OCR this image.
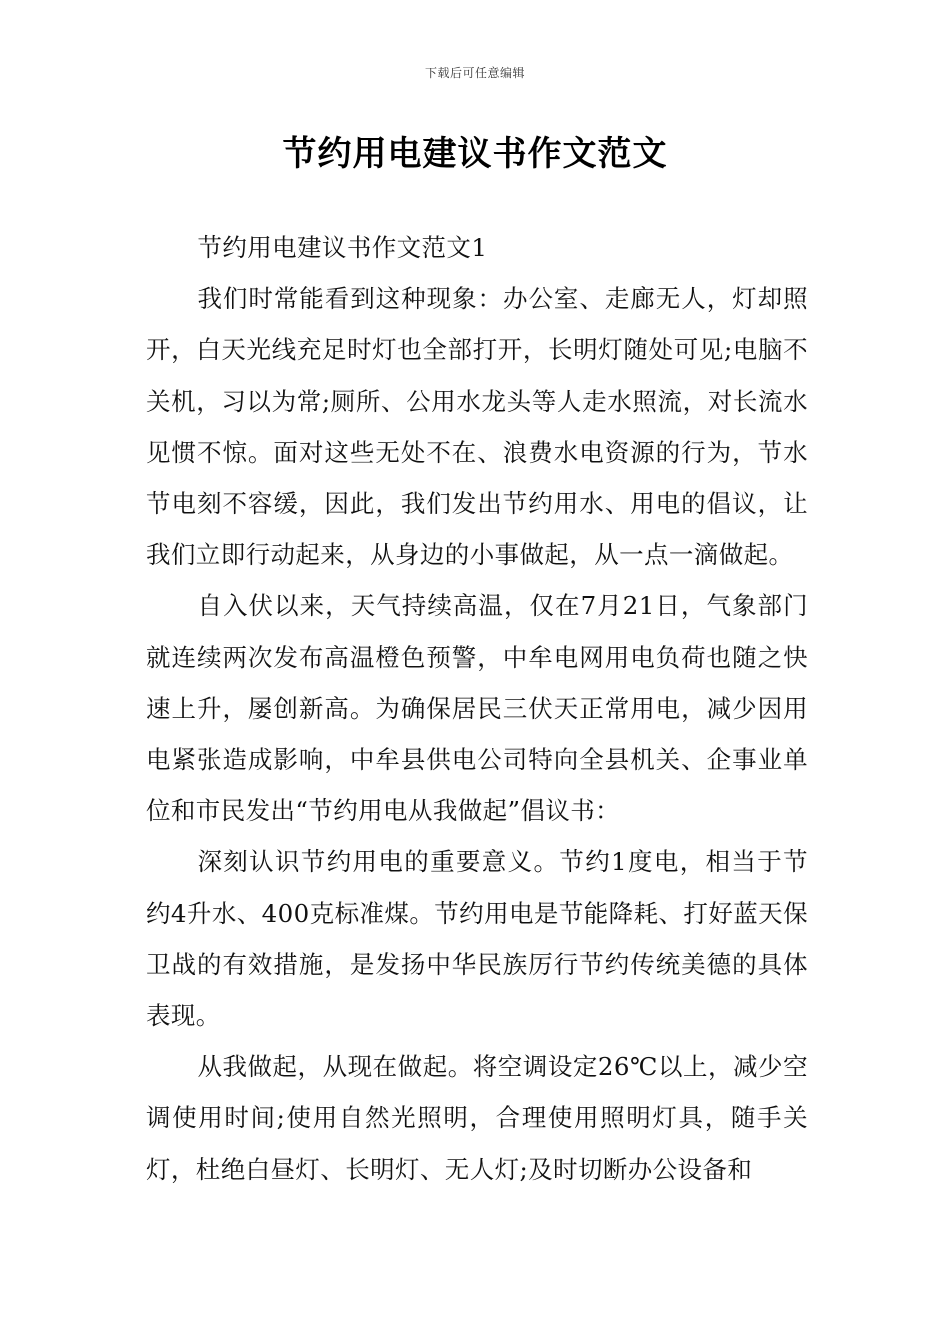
下载后可任意编辑
节约用电建议书作文范文

节约用电建议书作文范文1

我们时常能看到这种现象：办公室、走廊无人，灯却照开，白天光线充足时灯也全部打开，长明灯随处可见;电脑不关机，习以为常;厕所、公用水龙头等人走水照流，对长流水见惯不惊。面对这些无处不在、浪费水电资源的行为，节水节电刻不容缓，因此，我们发出节约用水、用电的倡议，让我们立即行动起来，从身边的小事做起，从一点一滴做起。

自入伏以来，天气持续高温，仅在7月21日，气象部门就连续两次发布高温橙色预警，中牟电网用电负荷也随之快速上升，屡创新高。为确保居民三伏天正常用电，减少因用电紧张造成影响，中牟县供电公司特向全县机关、企事业单位和市民发出“节约用电从我做起”倡议书：

深刻认识节约用电的重要意义。节约1度电，相当于节约4升水、400克标准煤。节约用电是节能降耗、打好蓝天保卫战的有效措施，是发扬中华民族厉行节约传统美德的具体表现。

从我做起，从现在做起。将空调设定26℃以上，减少空调使用时间;使用自然光照明，合理使用照明灯具，随手关灯，杜绝白昼灯、长明灯、无人灯;及时切断办公设备和
